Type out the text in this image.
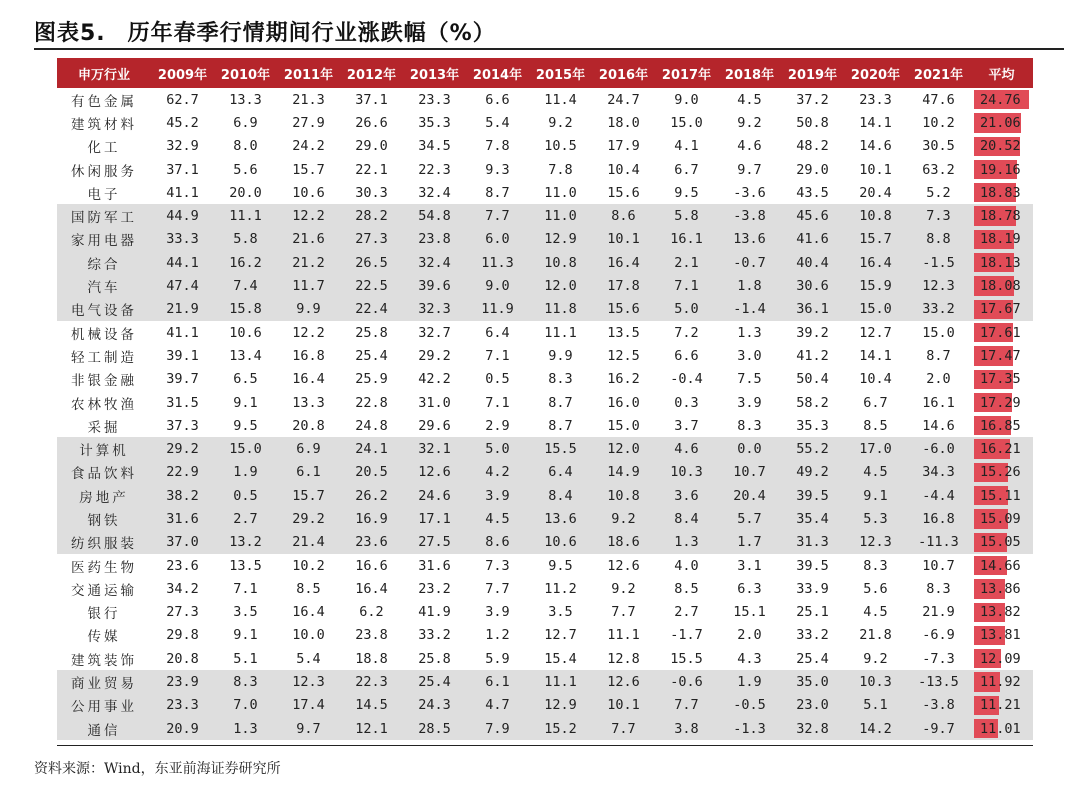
图表5. 历年春季行情期间行业涨跌幅（%）
申万行业	2009年	2010年	2011年	2012年	2013年	2014年	2015年	2016年	2017年	2018年	2019年	2020年	2021年	平均
有色金属	62.7	13.3	21.3	37.1	23.3	6.6	11.4	24.7	9.0	4.5	37.2	23.3	47.6	24.76
建筑材料	45.2	6.9	27.9	26.6	35.3	5.4	9.2	18.0	15.0	9.2	50.8	14.1	10.2	21.06
化工	32.9	8.0	24.2	29.0	34.5	7.8	10.5	17.9	4.1	4.6	48.2	14.6	30.5	20.52
休闲服务	37.1	5.6	15.7	22.1	22.3	9.3	7.8	10.4	6.7	9.7	29.0	10.1	63.2	19.16
电子	41.1	20.0	10.6	30.3	32.4	8.7	11.0	15.6	9.5	-3.6	43.5	20.4	5.2	18.83
国防军工	44.9	11.1	12.2	28.2	54.8	7.7	11.0	8.6	5.8	-3.8	45.6	10.8	7.3	18.78
家用电器	33.3	5.8	21.6	27.3	23.8	6.0	12.9	10.1	16.1	13.6	41.6	15.7	8.8	18.19
综合	44.1	16.2	21.2	26.5	32.4	11.3	10.8	16.4	2.1	-0.7	40.4	16.4	-1.5	18.13
汽车	47.4	7.4	11.7	22.5	39.6	9.0	12.0	17.8	7.1	1.8	30.6	15.9	12.3	18.08
电气设备	21.9	15.8	9.9	22.4	32.3	11.9	11.8	15.6	5.0	-1.4	36.1	15.0	33.2	17.67
机械设备	41.1	10.6	12.2	25.8	32.7	6.4	11.1	13.5	7.2	1.3	39.2	12.7	15.0	17.61
轻工制造	39.1	13.4	16.8	25.4	29.2	7.1	9.9	12.5	6.6	3.0	41.2	14.1	8.7	17.47
非银金融	39.7	6.5	16.4	25.9	42.2	0.5	8.3	16.2	-0.4	7.5	50.4	10.4	2.0	17.35
农林牧渔	31.5	9.1	13.3	22.8	31.0	7.1	8.7	16.0	0.3	3.9	58.2	6.7	16.1	17.29
采掘	37.3	9.5	20.8	24.8	29.6	2.9	8.7	15.0	3.7	8.3	35.3	8.5	14.6	16.85
计算机	29.2	15.0	6.9	24.1	32.1	5.0	15.5	12.0	4.6	0.0	55.2	17.0	-6.0	16.21
食品饮料	22.9	1.9	6.1	20.5	12.6	4.2	6.4	14.9	10.3	10.7	49.2	4.5	34.3	15.26
房地产	38.2	0.5	15.7	26.2	24.6	3.9	8.4	10.8	3.6	20.4	39.5	9.1	-4.4	15.11
钢铁	31.6	2.7	29.2	16.9	17.1	4.5	13.6	9.2	8.4	5.7	35.4	5.3	16.8	15.09
纺织服装	37.0	13.2	21.4	23.6	27.5	8.6	10.6	18.6	1.3	1.7	31.3	12.3	-11.3	15.05
医药生物	23.6	13.5	10.2	16.6	31.6	7.3	9.5	12.6	4.0	3.1	39.5	8.3	10.7	14.66
交通运输	34.2	7.1	8.5	16.4	23.2	7.7	11.2	9.2	8.5	6.3	33.9	5.6	8.3	13.86
银行	27.3	3.5	16.4	6.2	41.9	3.9	3.5	7.7	2.7	15.1	25.1	4.5	21.9	13.82
传媒	29.8	9.1	10.0	23.8	33.2	1.2	12.7	11.1	-1.7	2.0	33.2	21.8	-6.9	13.81
建筑装饰	20.8	5.1	5.4	18.8	25.8	5.9	15.4	12.8	15.5	4.3	25.4	9.2	-7.3	12.09
商业贸易	23.9	8.3	12.3	22.3	25.4	6.1	11.1	12.6	-0.6	1.9	35.0	10.3	-13.5	11.92
公用事业	23.3	7.0	17.4	14.5	24.3	4.7	12.9	10.1	7.7	-0.5	23.0	5.1	-3.8	11.21
通信	20.9	1.3	9.7	12.1	28.5	7.9	15.2	7.7	3.8	-1.3	32.8	14.2	-9.7	11.01
资料来源：Wind，东亚前海证券研究所
